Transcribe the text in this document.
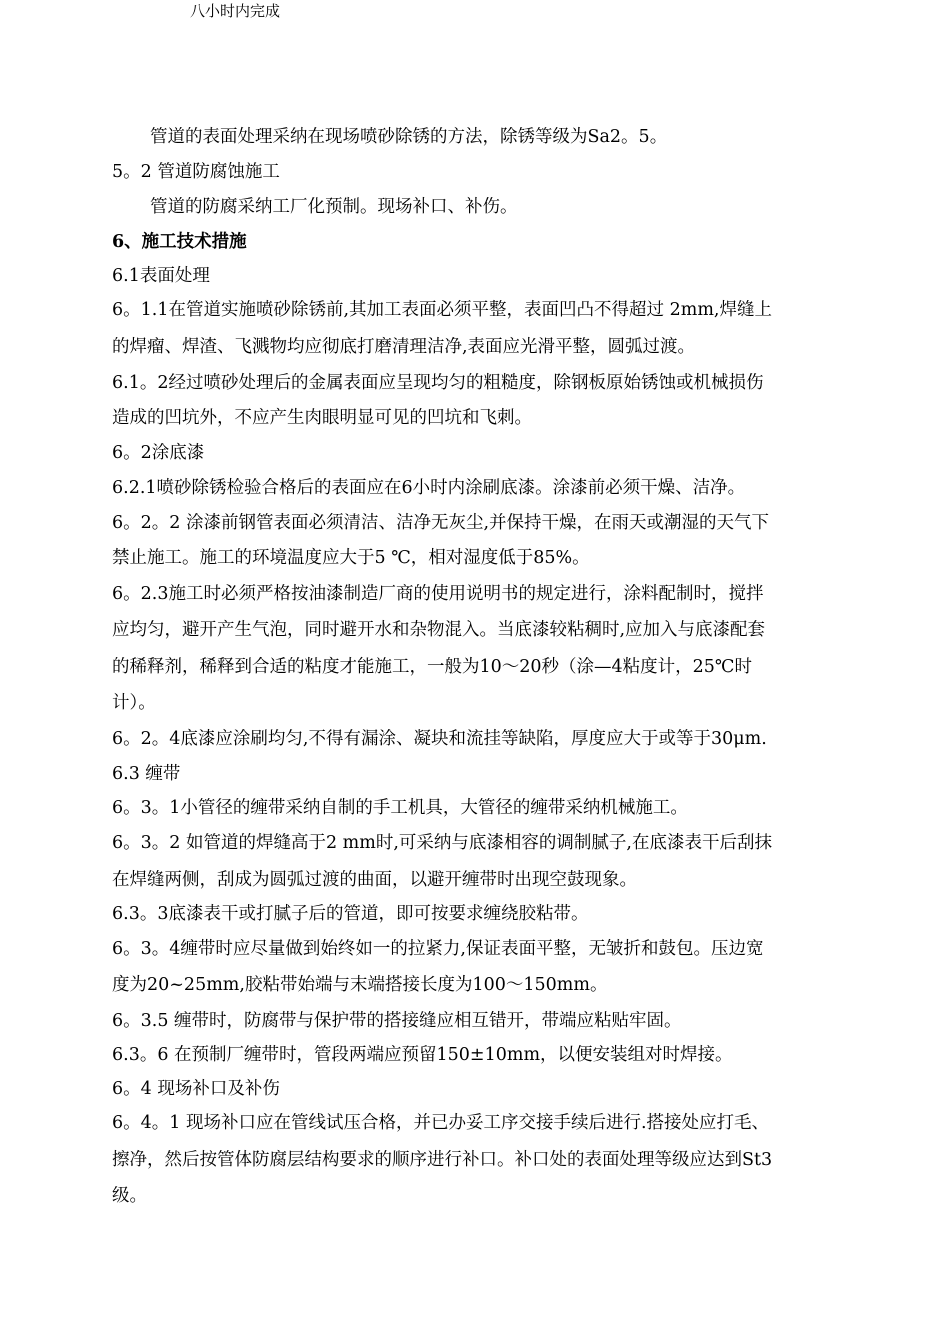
八小时内完成
管道的表面处理采纳在现场喷砂除锈的方法，除锈等级为Sa2。5。
5。2 管道防腐蚀施工
管道的防腐采纳工厂化预制。现场补口、补伤。
6、施工技术措施
6.1表面处理
6。1.1在管道实施喷砂除锈前,其加工表面必须平整，表面凹凸不得超过 2mm,焊缝上
的焊瘤、焊渣、飞溅物均应彻底打磨清理洁净,表面应光滑平整，圆弧过渡。
6.1。2经过喷砂处理后的金属表面应呈现均匀的粗糙度，除钢板原始锈蚀或机械损伤
造成的凹坑外，不应产生肉眼明显可见的凹坑和飞刺。
6。2涂底漆
6.2.1喷砂除锈检验合格后的表面应在6小时内涂刷底漆。涂漆前必须干燥、洁净。
6。2。2 涂漆前钢管表面必须清洁、洁净无灰尘,并保持干燥，在雨天或潮湿的天气下
禁止施工。施工的环境温度应大于5 ℃，相对湿度低于85%。
6。2.3施工时必须严格按油漆制造厂商的使用说明书的规定进行，涂料配制时，搅拌
应均匀，避开产生气泡，同时避开水和杂物混入。当底漆较粘稠时,应加入与底漆配套
的稀释剂，稀释到合适的粘度才能施工，一般为10～20秒（涂—4粘度计，25℃时
计）。
6。2。4底漆应涂刷均匀,不得有漏涂、凝块和流挂等缺陷，厚度应大于或等于30μm.
6.3 缠带
6。3。1小管径的缠带采纳自制的手工机具，大管径的缠带采纳机械施工。
6。3。2 如管道的焊缝高于2 mm时,可采纳与底漆相容的调制腻子,在底漆表干后刮抹
在焊缝两侧，刮成为圆弧过渡的曲面，以避开缠带时出现空鼓现象。
6.3。3底漆表干或打腻子后的管道，即可按要求缠绕胶粘带。
6。3。4缠带时应尽量做到始终如一的拉紧力,保证表面平整，无皱折和鼓包。压边宽
度为20~25mm,胶粘带始端与末端搭接长度为100～150mm。
6。3.5 缠带时，防腐带与保护带的搭接缝应相互错开，带端应粘贴牢固。
6.3。6 在预制厂缠带时，管段两端应预留150±10mm，以便安装组对时焊接。
6。4 现场补口及补伤
6。4。1 现场补口应在管线试压合格，并已办妥工序交接手续后进行.搭接处应打毛、
擦净，然后按管体防腐层结构要求的顺序进行补口。补口处的表面处理等级应达到St3
级。
